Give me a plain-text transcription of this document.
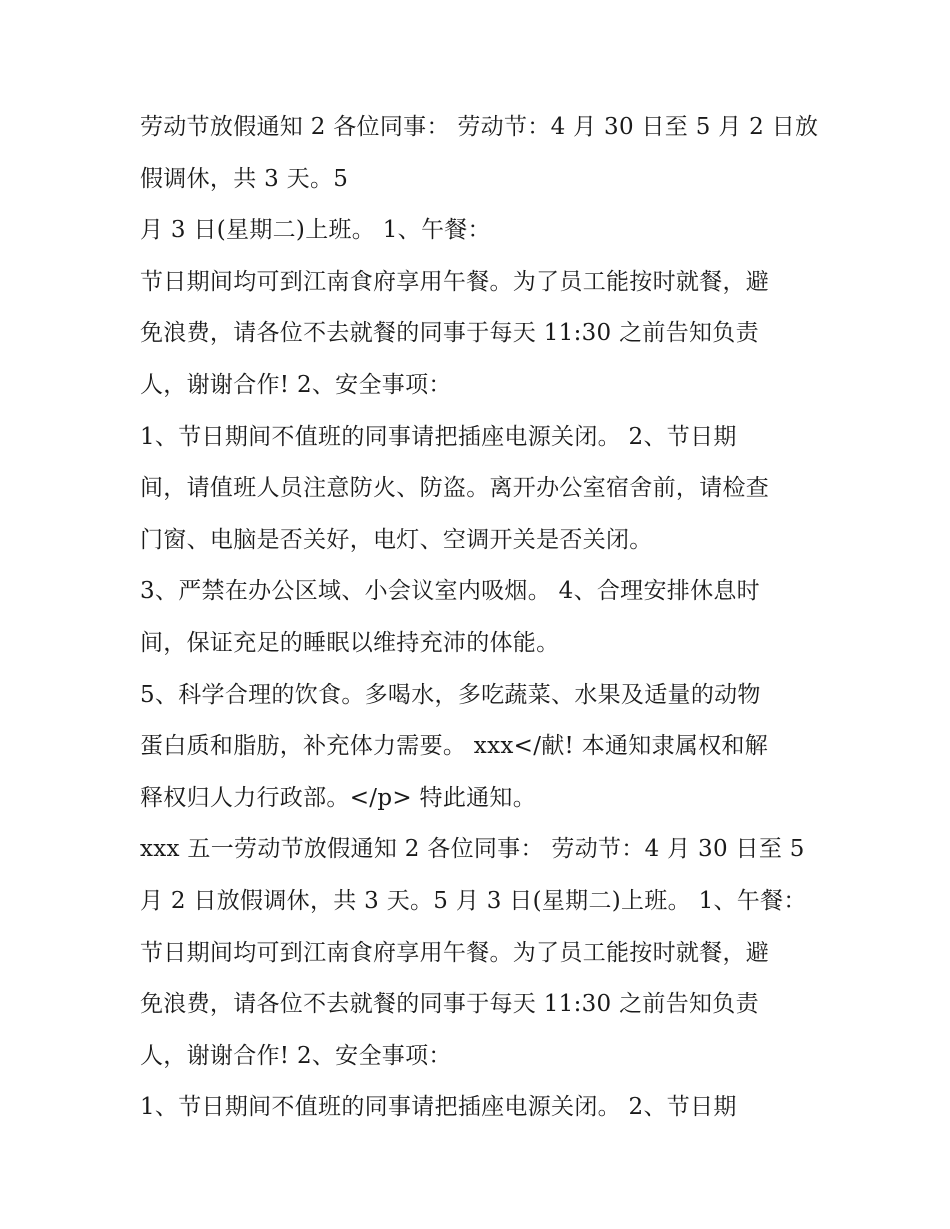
劳动节放假通知 2 各位同事： 劳动节：4 月 30 日至 5 月 2 日放
假调休，共 3 天。5
月 3 日(星期二)上班。 1、午餐：
节日期间均可到江南食府享用午餐。为了员工能按时就餐，避
免浪费，请各位不去就餐的同事于每天 11:30 之前告知负责
人，谢谢合作! 2、安全事项：
1、节日期间不值班的同事请把插座电源关闭。 2、节日期
间，请值班人员注意防火、防盗。离开办公室宿舍前，请检查
门窗、电脑是否关好，电灯、空调开关是否关闭。
3、严禁在办公区域、小会议室内吸烟。 4、合理安排休息时
间，保证充足的睡眠以维持充沛的体能。
5、科学合理的饮食。多喝水，多吃蔬菜、水果及适量的动物
蛋白质和脂肪，补充体力需要。 xxx</献! 本通知隶属权和解
释权归人力行政部。</p> 特此通知。
xxx 五一劳动节放假通知 2 各位同事： 劳动节：4 月 30 日至 5
月 2 日放假调休，共 3 天。5 月 3 日(星期二)上班。 1、午餐：
节日期间均可到江南食府享用午餐。为了员工能按时就餐，避
免浪费，请各位不去就餐的同事于每天 11:30 之前告知负责
人，谢谢合作! 2、安全事项：
1、节日期间不值班的同事请把插座电源关闭。 2、节日期
